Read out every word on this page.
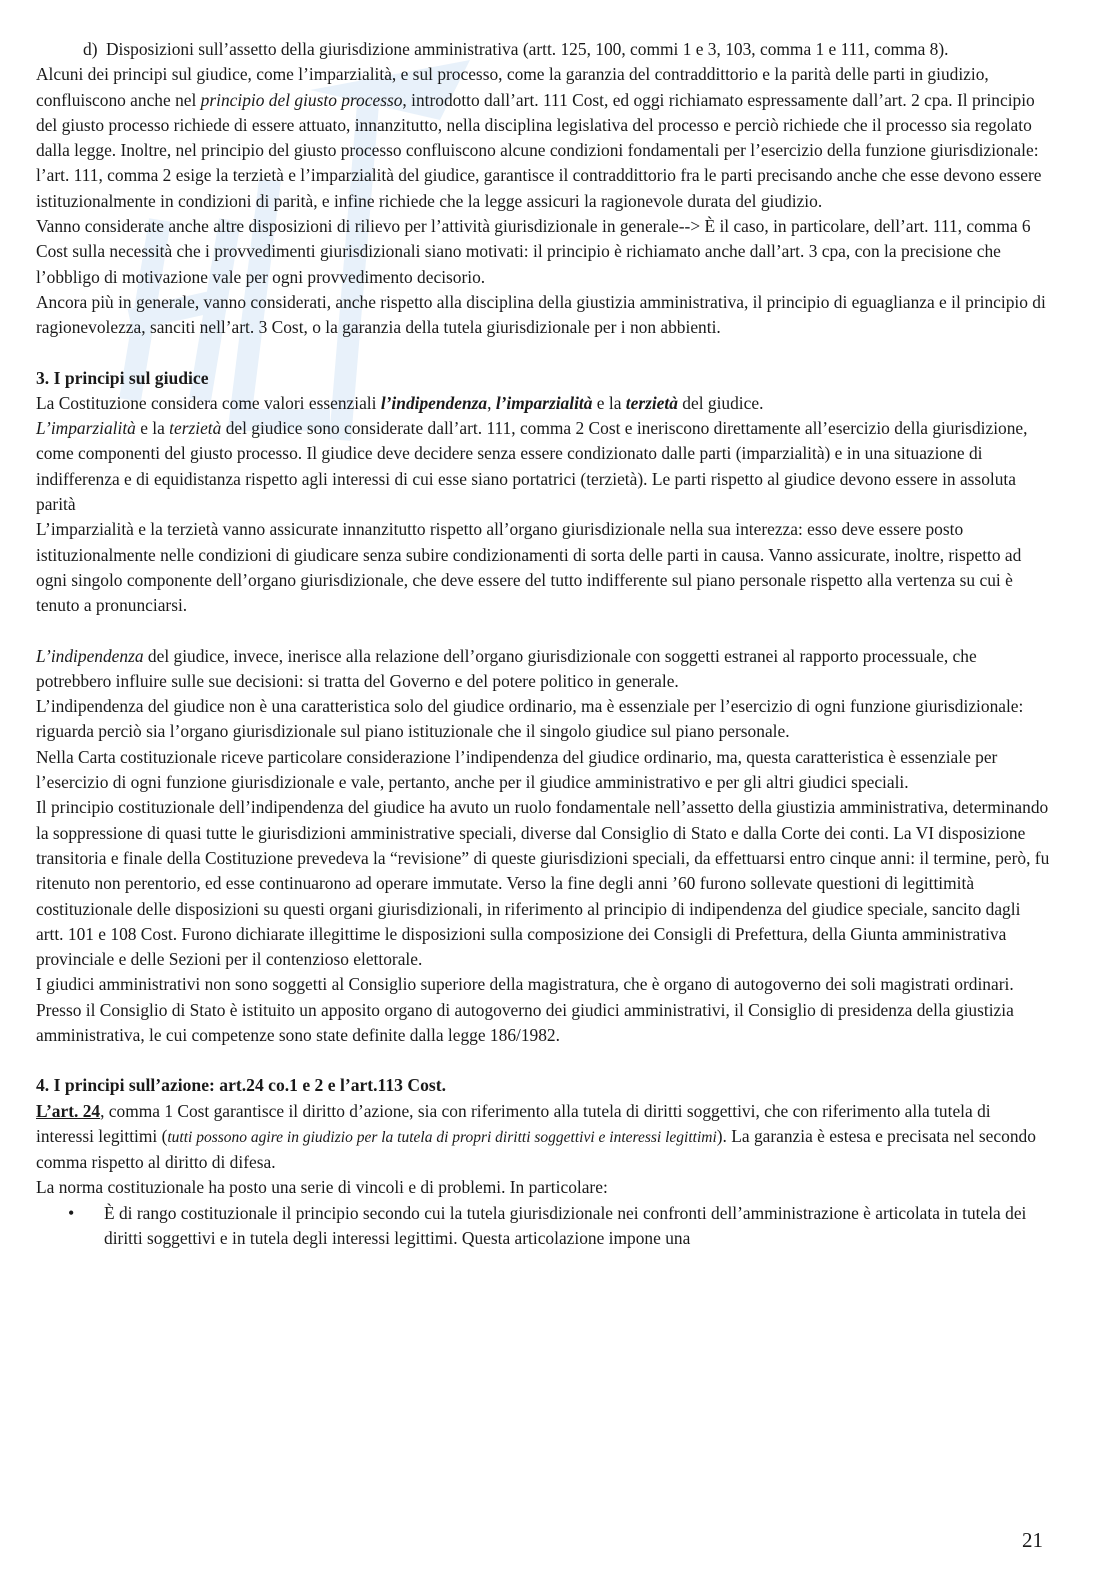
d) Disposizioni sull’assetto della giurisdizione amministrativa (artt. 125, 100, commi 1 e 3, 103, comma 1 e 111, comma 8).

Alcuni dei principi sul giudice, come l’imparzialità, e sul processo, come la garanzia del contraddittorio e la parità delle parti in giudizio, confluiscono anche nel principio del giusto processo, introdotto dall’art. 111 Cost, ed oggi richiamato espressamente dall’art. 2 cpa. Il principio del giusto processo richiede di essere attuato, innanzitutto, nella disciplina legislativa del processo e perciò richiede che il processo sia regolato dalla legge. Inoltre, nel principio del giusto processo confluiscono alcune condizioni fondamentali per l’esercizio della funzione giurisdizionale: l’art. 111, comma 2 esige la terzietà e l’imparzialità del giudice, garantisce il contraddittorio fra le parti precisando anche che esse devono essere istituzionalmente in condizioni di parità, e infine richiede che la legge assicuri la ragionevole durata del giudizio.

Vanno considerate anche altre disposizioni di rilievo per l’attività giurisdizionale in generale--> È il caso, in particolare, dell’art. 111, comma 6 Cost sulla necessità che i provvedimenti giurisdizionali siano motivati: il principio è richiamato anche dall’art. 3 cpa, con la precisione che l’obbligo di motivazione vale per ogni provvedimento decisorio.

Ancora più in generale, vanno considerati, anche rispetto alla disciplina della giustizia amministrativa, il principio di eguaglianza e il principio di ragionevolezza, sanciti nell’art. 3 Cost, o la garanzia della tutela giurisdizionale per i non abbienti.

3. I principi sul giudice

La Costituzione considera come valori essenziali l’indipendenza, l’imparzialità e la terzietà del giudice.

L’imparzialità e la terzietà del giudice sono considerate dall’art. 111, comma 2 Cost e ineriscono direttamente all’esercizio della giurisdizione, come componenti del giusto processo. Il giudice deve decidere senza essere condizionato dalle parti (imparzialità) e in una situazione di indifferenza e di equidistanza rispetto agli interessi di cui esse siano portatrici (terzietà). Le parti rispetto al giudice devono essere in assoluta parità

L’imparzialità e la terzietà vanno assicurate innanzitutto rispetto all’organo giurisdizionale nella sua interezza: esso deve essere posto istituzionalmente nelle condizioni di giudicare senza subire condizionamenti di sorta delle parti in causa. Vanno assicurate, inoltre, rispetto ad ogni singolo componente dell’organo giurisdizionale, che deve essere del tutto indifferente sul piano personale rispetto alla vertenza su cui è tenuto a pronunciarsi.

L’indipendenza del giudice, invece, inerisce alla relazione dell’organo giurisdizionale con soggetti estranei al rapporto processuale, che potrebbero influire sulle sue decisioni: si tratta del Governo e del potere politico in generale.

L’indipendenza del giudice non è una caratteristica solo del giudice ordinario, ma è essenziale per l’esercizio di ogni funzione giurisdizionale: riguarda perciò sia l’organo giurisdizionale sul piano istituzionale che il singolo giudice sul piano personale.

Nella Carta costituzionale riceve particolare considerazione l’indipendenza del giudice ordinario, ma, questa caratteristica è essenziale per l’esercizio di ogni funzione giurisdizionale e vale, pertanto, anche per il giudice amministrativo e per gli altri giudici speciali.

Il principio costituzionale dell’indipendenza del giudice ha avuto un ruolo fondamentale nell’assetto della giustizia amministrativa, determinando la soppressione di quasi tutte le giurisdizioni amministrative speciali, diverse dal Consiglio di Stato e dalla Corte dei conti. La VI disposizione transitoria e finale della Costituzione prevedeva la “revisione” di queste giurisdizioni speciali, da effettuarsi entro cinque anni: il termine, però, fu ritenuto non perentorio, ed esse continuarono ad operare immutate. Verso la fine degli anni ’60 furono sollevate questioni di legittimità costituzionale delle disposizioni su questi organi giurisdizionali, in riferimento al principio di indipendenza del giudice speciale, sancito dagli artt. 101 e 108 Cost. Furono dichiarate illegittime le disposizioni sulla composizione dei Consigli di Prefettura, della Giunta amministrativa provinciale e delle Sezioni per il contenzioso elettorale.

I giudici amministrativi non sono soggetti al Consiglio superiore della magistratura, che è organo di autogoverno dei soli magistrati ordinari. Presso il Consiglio di Stato è istituito un apposito organo di autogoverno dei giudici amministrativi, il Consiglio di presidenza della giustizia amministrativa, le cui competenze sono state definite dalla legge 186/1982.

4. I principi sull’azione: art.24 co.1 e 2 e l’art.113 Cost.

L’art. 24, comma 1 Cost garantisce il diritto d’azione, sia con riferimento alla tutela di diritti soggettivi, che con riferimento alla tutela di interessi legittimi (tutti possono agire in giudizio per la tutela di propri diritti soggettivi e interessi legittimi). La garanzia è estesa e precisata nel secondo comma rispetto al diritto di difesa.

La norma costituzionale ha posto una serie di vincoli e di problemi. In particolare:

•	È di rango costituzionale il principio secondo cui la tutela giurisdizionale nei confronti dell’amministrazione è articolata in tutela dei diritti soggettivi e in tutela degli interessi legittimi. Questa articolazione impone una
21
